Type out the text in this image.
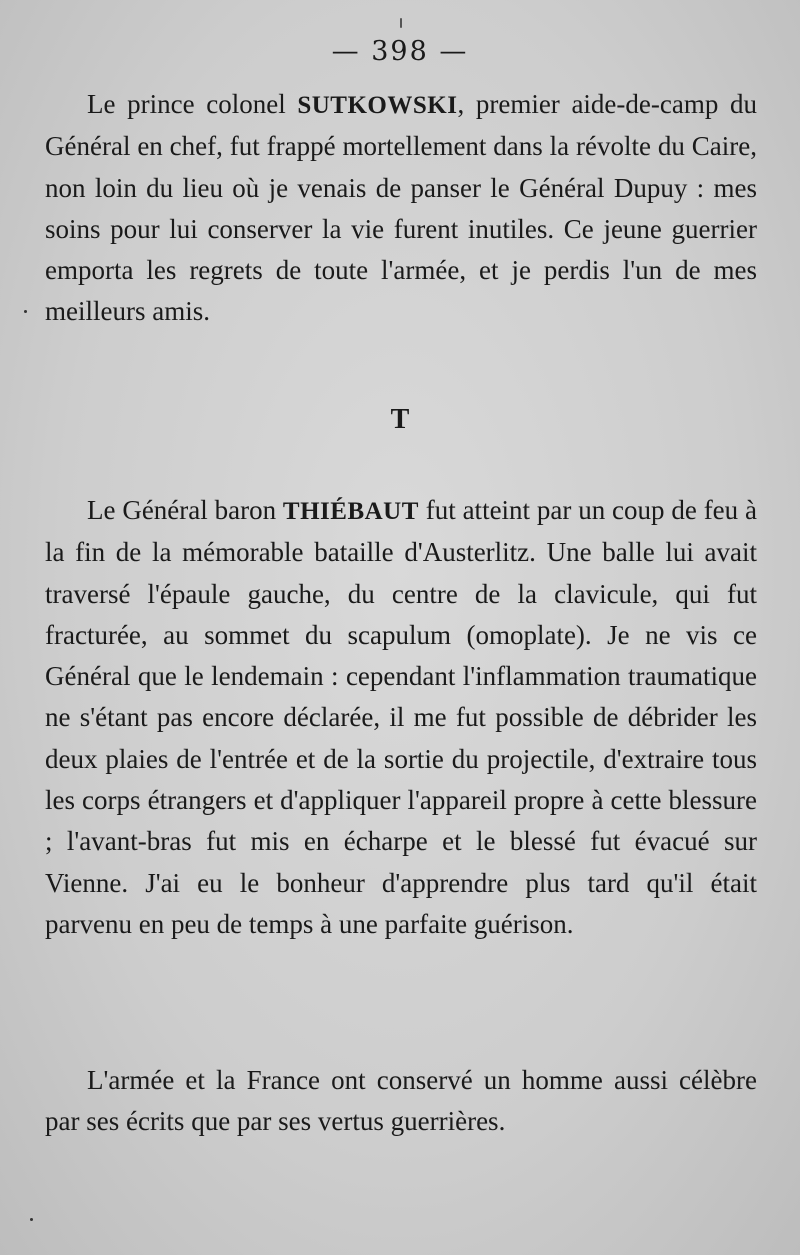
— 398 —
Le prince colonel SUTKOWSKI, premier aide-de-camp du Général en chef, fut frappé mortellement dans la révolte du Caire, non loin du lieu où je venais de panser le Général Dupuy : mes soins pour lui conserver la vie furent inutiles. Ce jeune guerrier emporta les regrets de toute l'armée, et je perdis l'un de mes meilleurs amis.
T
Le Général baron THIÉBAUT fut atteint par un coup de feu à la fin de la mémorable bataille d'Austerlitz. Une balle lui avait traversé l'épaule gauche, du centre de la clavicule, qui fut fracturée, au sommet du scapulum (omoplate). Je ne vis ce Général que le lendemain : cependant l'inflammation traumatique ne s'étant pas encore déclarée, il me fut possible de débrider les deux plaies de l'entrée et de la sortie du projectile, d'extraire tous les corps étrangers et d'appliquer l'appareil propre à cette blessure ; l'avant-bras fut mis en écharpe et le blessé fut évacué sur Vienne. J'ai eu le bonheur d'apprendre plus tard qu'il était parvenu en peu de temps à une parfaite guérison.
L'armée et la France ont conservé un homme aussi célèbre par ses écrits que par ses vertus guerrières.
